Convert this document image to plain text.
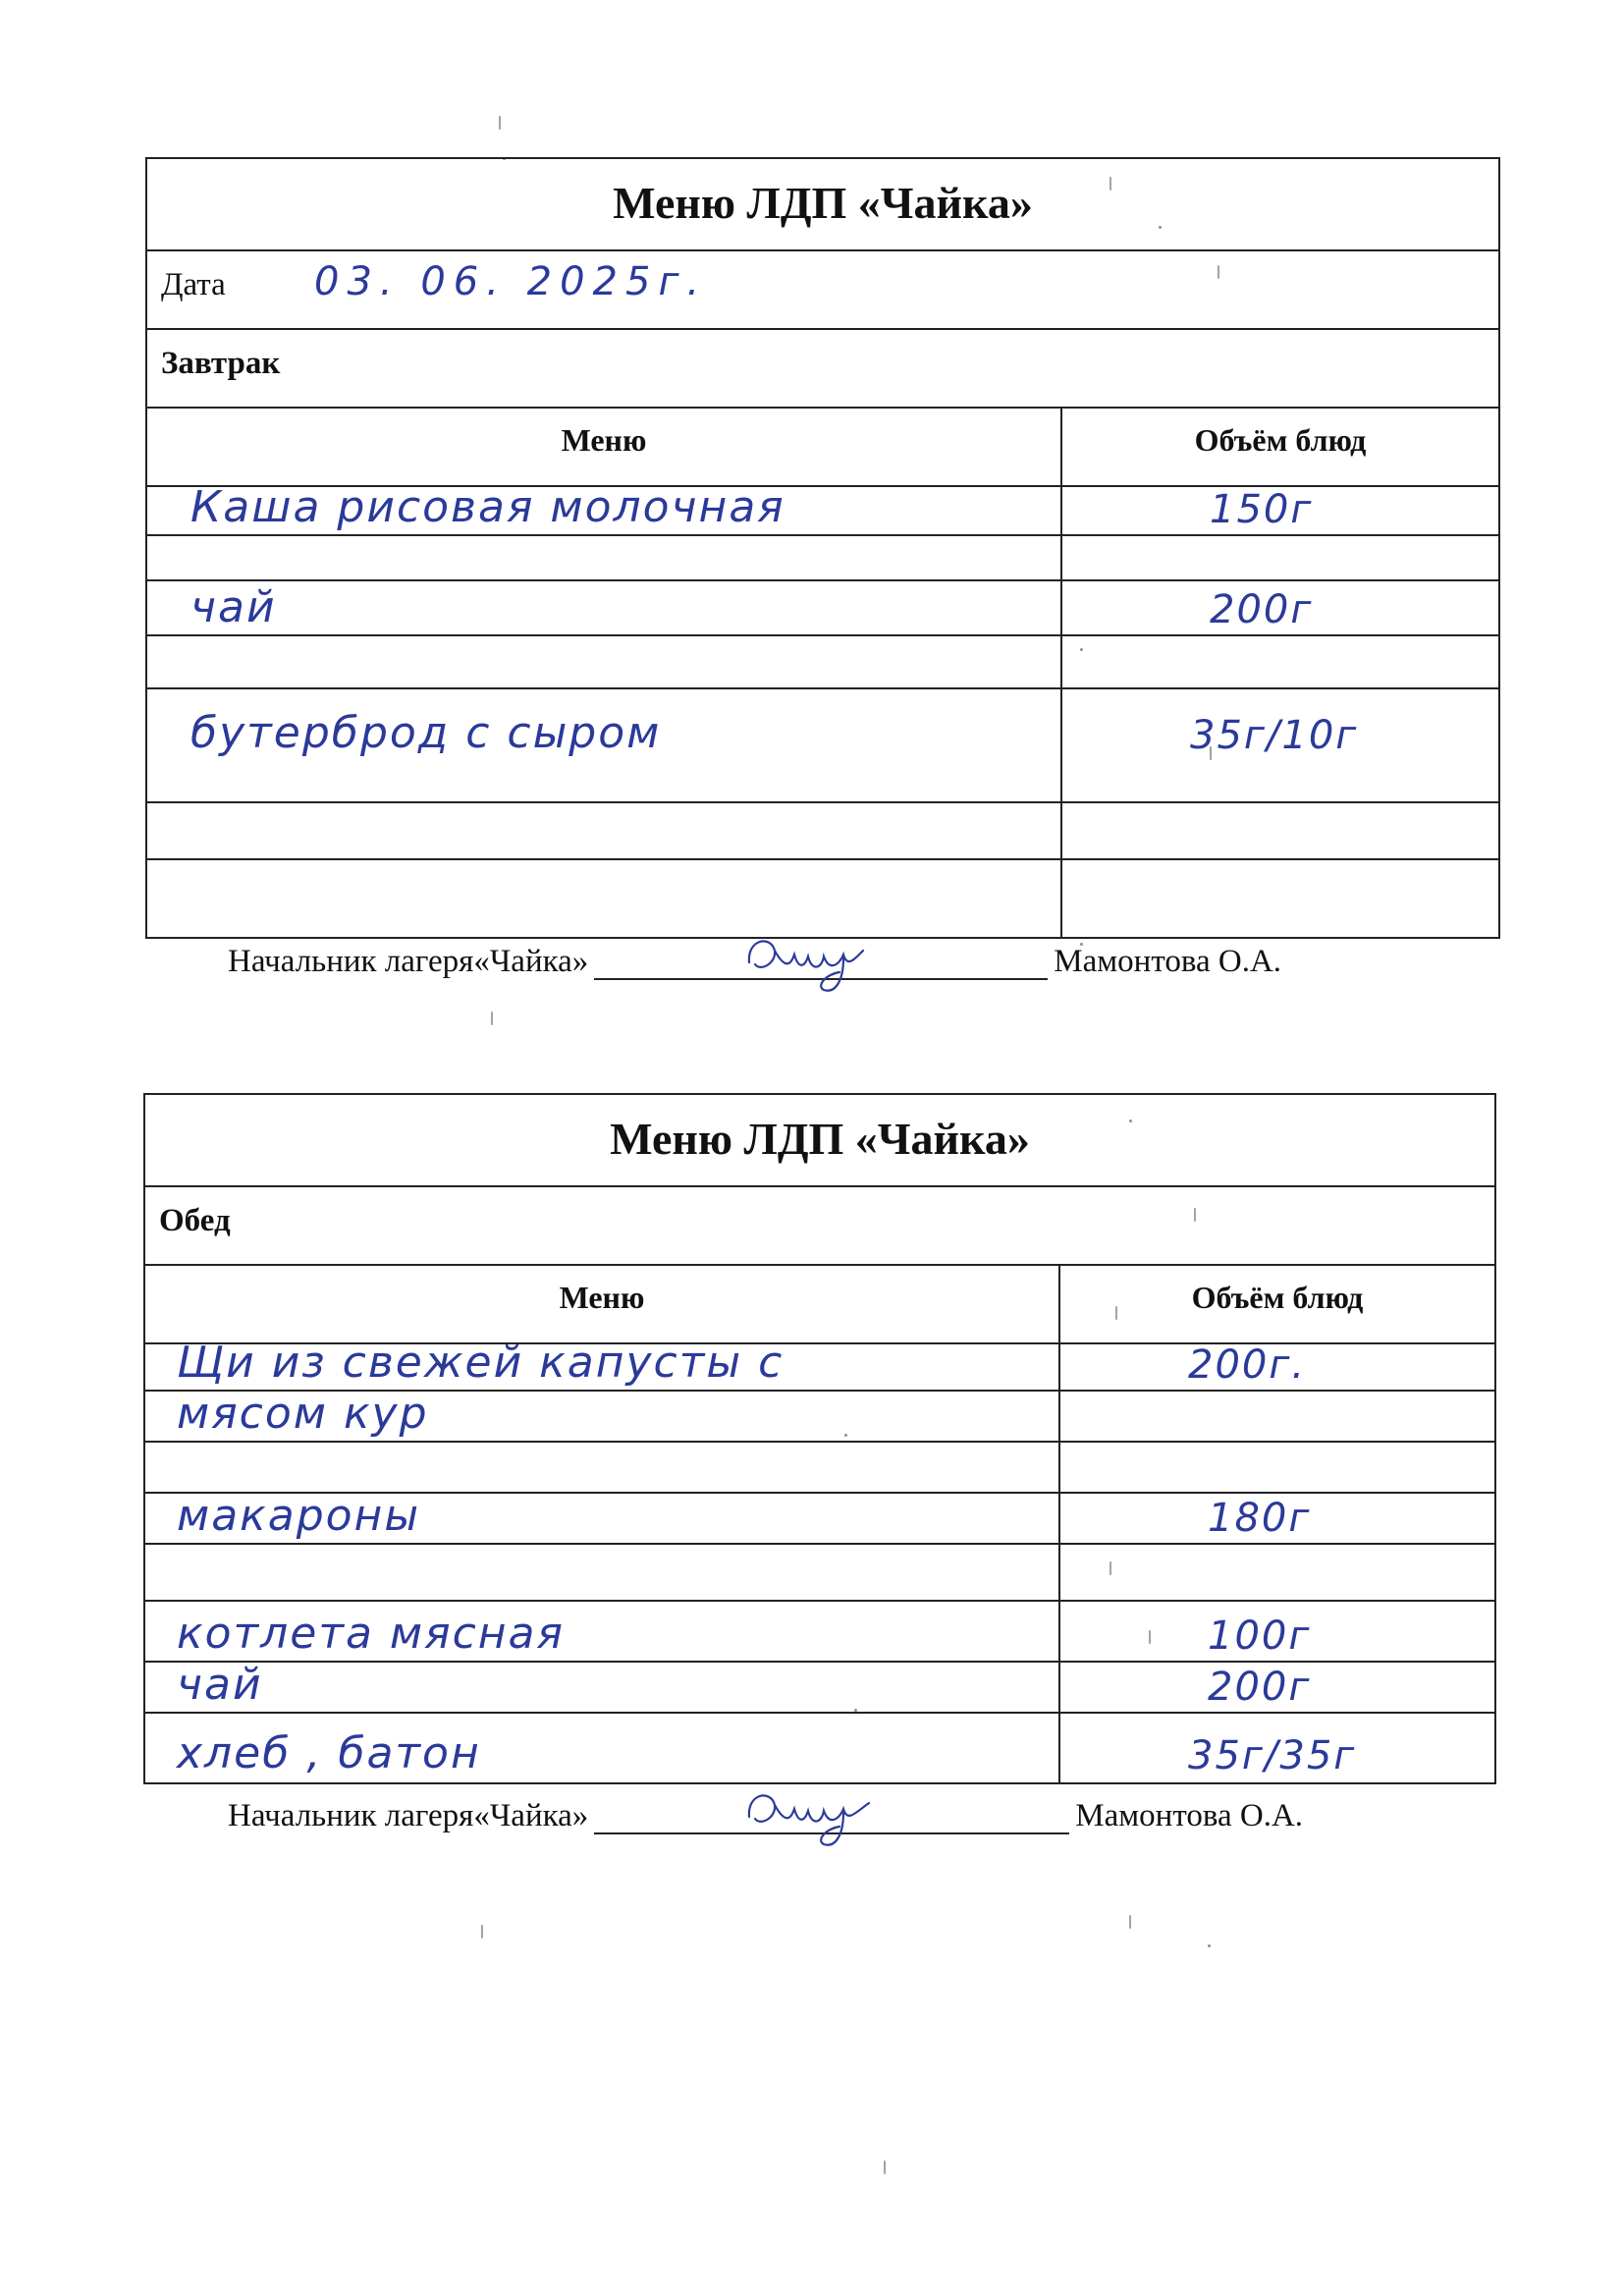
Меню ЛДП «Чайка»
Дата 03. 06. 2025г.
Завтрак
Меню	Объём блюд
Каша рисовая молочная	150г
чай	200г
бутерброд с сыром	35г/10г
Начальник лагеря«Чайка»	Мамонтова О.А.
Меню ЛДП «Чайка»
Обед
Меню	Объём блюд
Щи из свежей капусты с	200г.
мясом кур
макароны	180г
котлета мясная	100г
чай	200г
хлеб , батон	35г/35г
Начальник лагеря«Чайка»	Мамонтова О.А.
